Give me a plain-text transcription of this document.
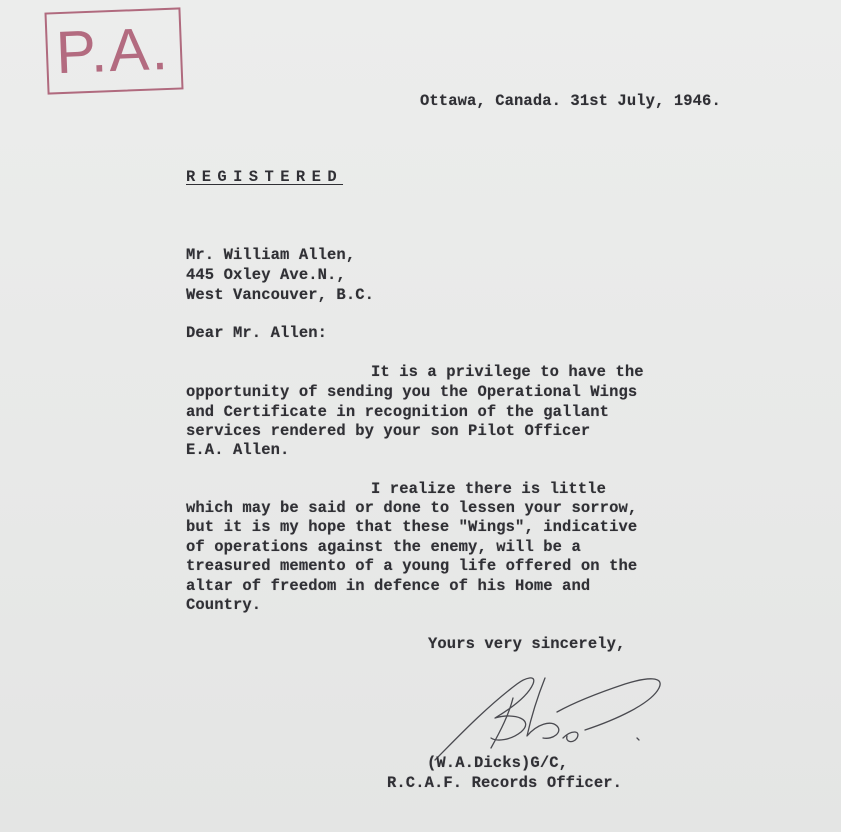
P.A.
Ottawa, Canada. 31st July, 1946.
REGISTERED
Mr. William Allen,
445 Oxley Ave.N.,
West Vancouver, B.C.
Dear Mr. Allen:
It is a privilege to have the
opportunity of sending you the Operational Wings
and Certificate in recognition of the gallant
services rendered by your son Pilot Officer
E.A. Allen.
I realize there is little
which may be said or done to lessen your sorrow,
but it is my hope that these "Wings", indicative
of operations against the enemy, will be a
treasured memento of a young life offered on the
altar of freedom in defence of his Home and
Country.
Yours very sincerely,
(W.A.Dicks)G/C,
R.C.A.F. Records Officer.
